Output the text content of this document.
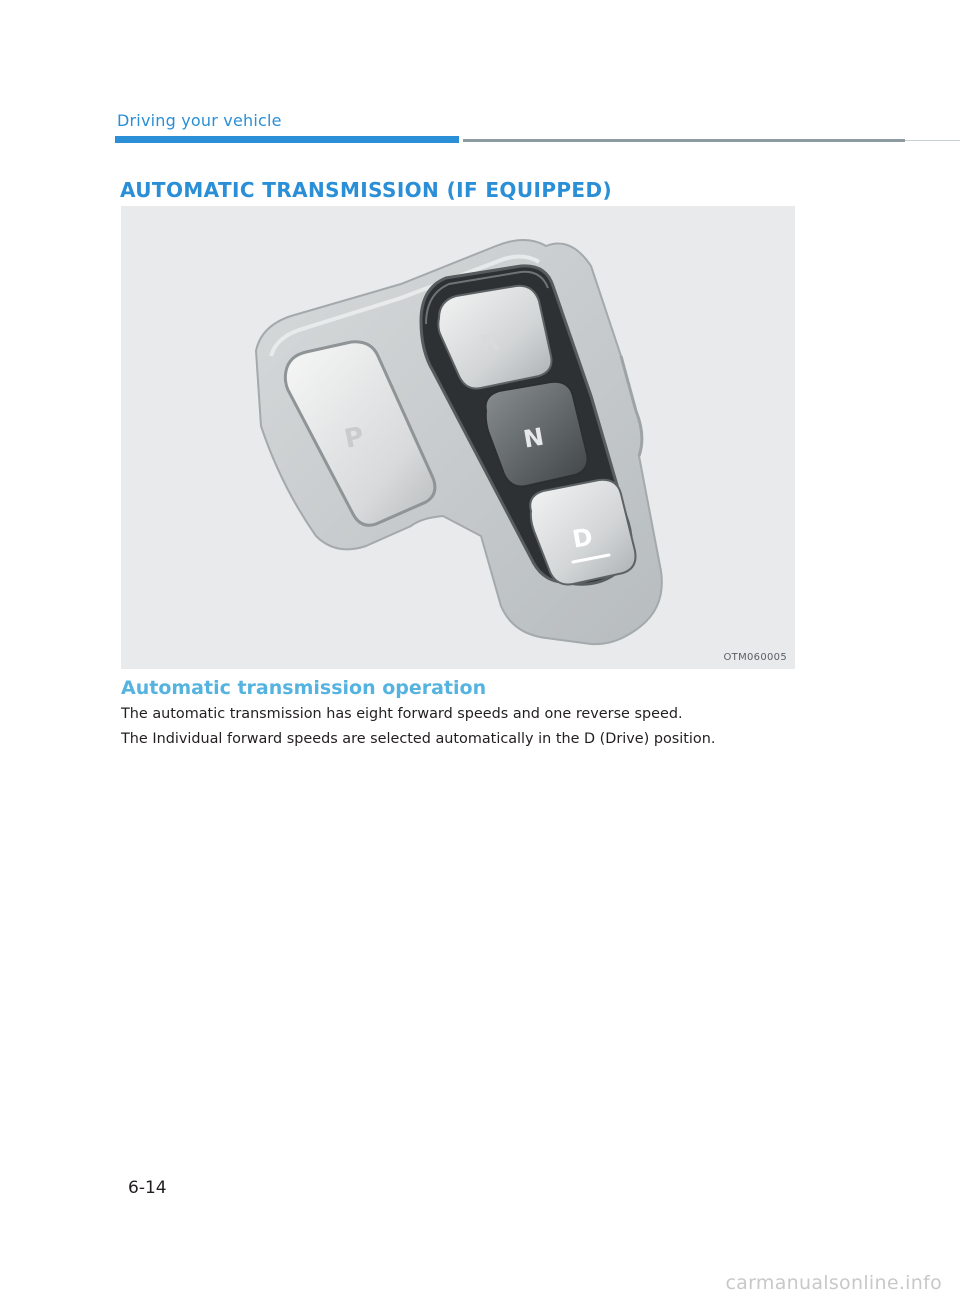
Driving your vehicle
AUTOMATIC TRANSMISSION (IF EQUIPPED)
P
R
N
D
OTM060005
Automatic transmission operation
The automatic transmission has eight forward speeds and one reverse speed.
The Individual forward speeds are selected automatically in the D (Drive) position.
6-14
carmanualsonline.info
